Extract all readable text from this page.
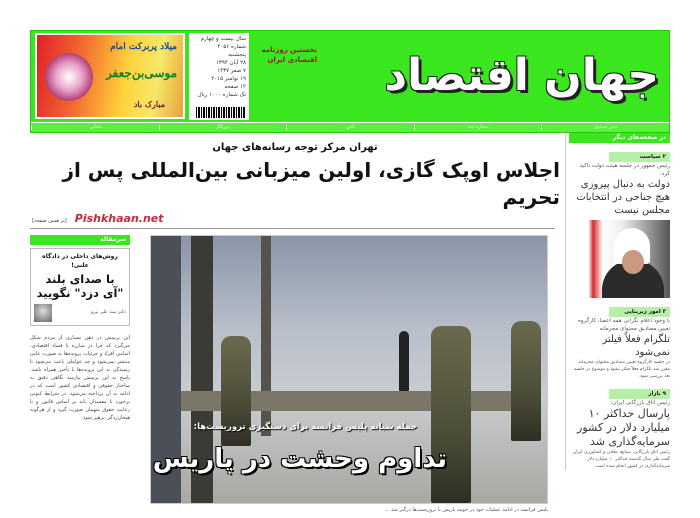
جهان اقتصاد
نخستین روزنامه
اقتصادی ایران
سال بیست و چهارم
شماره ۴۰۵۶
پنجشنبه
۲۸ آبان ۱۳۹۴
۷ صفر ۱۴۳۷
۱۹ نوامبر ۲۰۱۵
۱۲ صفحه
تک شماره ۱۰۰۰ ریال
میلاد پربرکت امام
موسی‌بن‌جعفر
مبارک باد
مدیر مسئول
شماره ثبت
تلفن
دورنگار
نشانی
در صفحه‌های دیگر
۲ سیاست
رئیس جمهور در جلسه هیئت دولت تاکید کرد:
دولت به دنبال پیروزی هیچ جناحی در انتخابات مجلس نیست
۳ امور زیربنایی
با وجود اعلام نگرانی همه اعضا، کارگروه تعیین مصادیق محتوای مجرمانه
تلگرام فعلاً فیلتر نمی‌شود
در جلسه کارگروه تعیین مصادیق محتوای مجرمانه مقرر شد تلگرام فعلاً فیلتر نشود و موضوع در جلسه بعد بررسی شود.
۹ بازار
رئیس اتاق بازرگانی ایران:
پارسال حداکثر ۱۰ میلیارد دلار در کشور سرمایه‌گذاری شد
رئیس اتاق بازرگانی، صنایع، معادن و کشاورزی ایران گفت طی سال گذشته حداکثر ۱۰ میلیارد دلار سرمایه‌گذاری در کشور انجام شده است.
تهران مرکز توجه رسانه‌های جهان
اجلاس اوپک گازی، اولین میزبانی بین‌المللی پس از تحریم
[بر همین صفحه] Pishkhaan.net
سرمقاله
روش‌های داخلی در دادگاه علنی!
با صدای بلند "آی دزد" نگویید
دکتر سید علی پیرو
این پرسش در ذهن بسیاری از مردم شکل می‌گیرد که چرا در مبارزه با فساد اقتصادی، اسامی افراد و جزئیات پرونده‌ها به صورت علنی منتشر نمی‌شود و چه عواملی باعث می‌شود تا رسیدگی به این پرونده‌ها با تأخیر همراه باشد. پاسخ به این پرسش نیازمند نگاهی دقیق به ساختار حقوقی و اقتصادی کشور است که در ادامه به آن پرداخته می‌شود. در شرایط کنونی برخورد با مفسدان باید بر اساس قانون و با رعایت حقوق متهمان صورت گیرد و از هرگونه هیجان‌زدگی پرهیز شود.
حمله شبانه پلیس فرانسه برای دستگیری تروریست‌ها:
تداوم وحشت در پاریس
پلیس فرانسه در ادامه عملیات خود در حومه پاریس با تروریست‌ها درگیر شد ...
